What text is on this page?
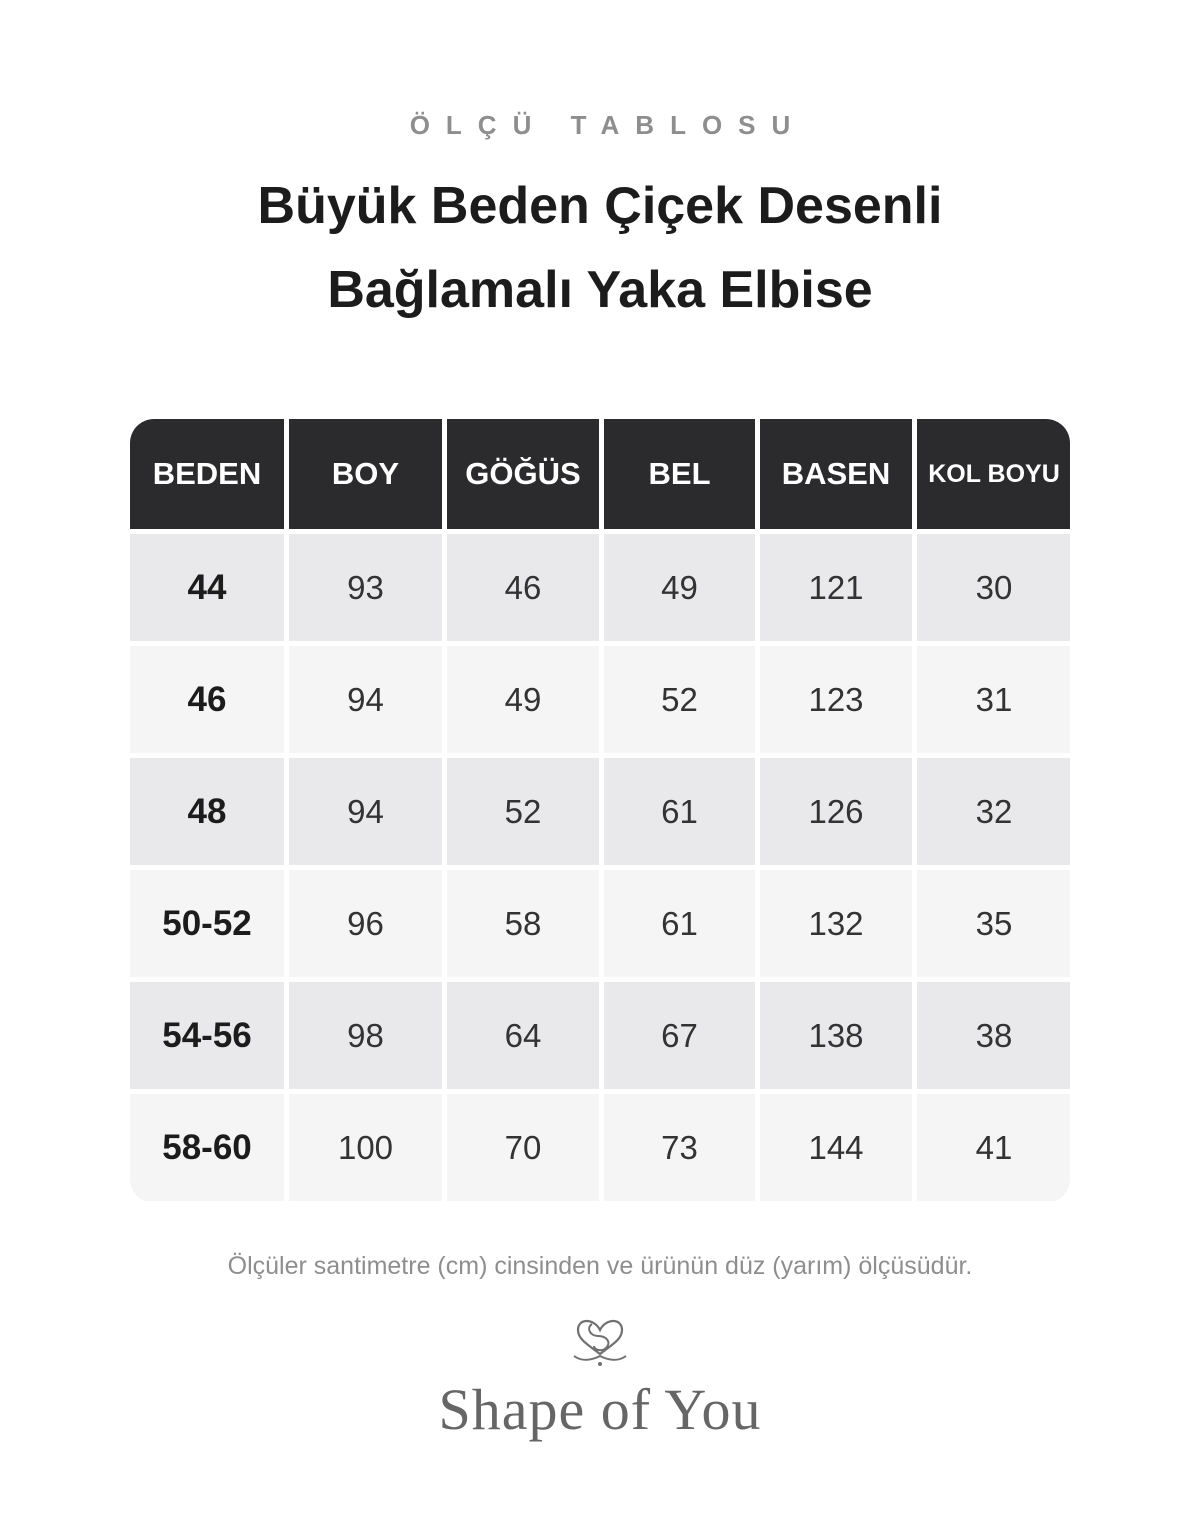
ÖLÇÜ TABLOSU
Büyük Beden Çiçek Desenli
Bağlamalı Yaka Elbise
BEDEN	BOY	GÖĞÜS	BEL	BASEN	KOL BOYU
44	93	46	49	121	30
46	94	49	52	123	31
48	94	52	61	126	32
50-52	96	58	61	132	35
54-56	98	64	67	138	38
58-60	100	70	73	144	41
Ölçüler santimetre (cm) cinsinden ve ürünün düz (yarım) ölçüsüdür.
Shape of You
